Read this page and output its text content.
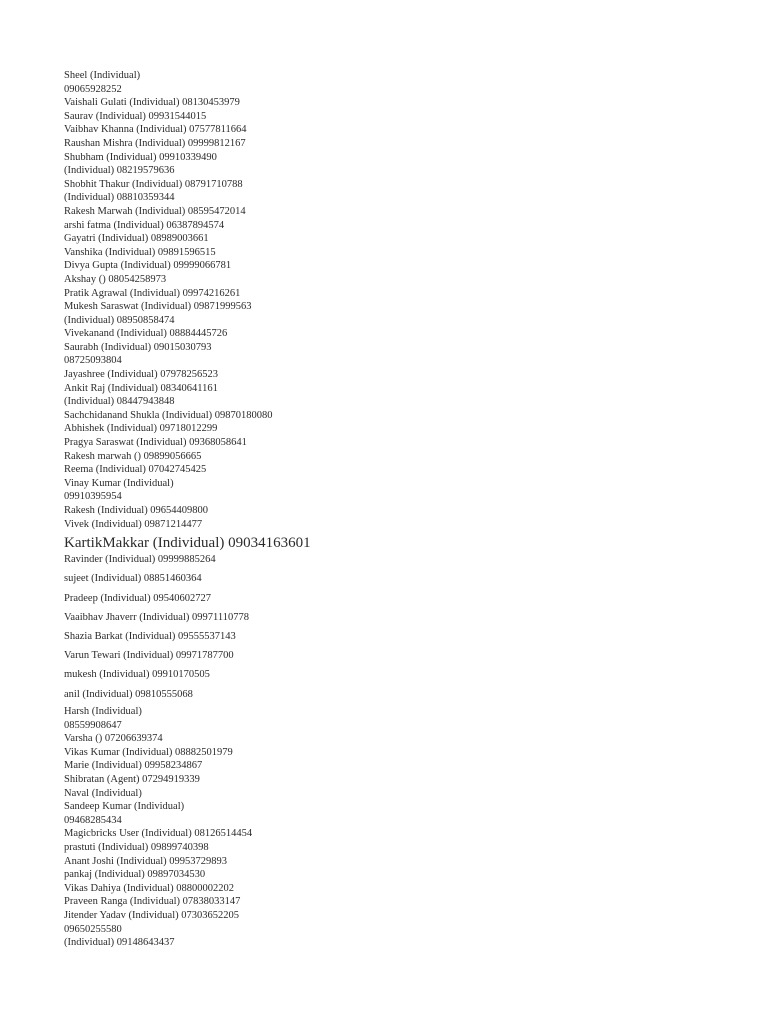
Sheel (Individual)
09065928252
Vaishali Gulati (Individual) 08130453979
Saurav (Individual) 09931544015
Vaibhav Khanna (Individual) 07577811664
Raushan Mishra (Individual) 09999812167
Shubham (Individual) 09910339490
(Individual) 08219579636
Shobhit Thakur (Individual) 08791710788
(Individual) 08810359344
Rakesh Marwah (Individual) 08595472014
arshi fatma (Individual) 06387894574
Gayatri (Individual) 08989003661
Vanshika (Individual) 09891596515
Divya Gupta (Individual) 09999066781
Akshay () 08054258973
Pratik Agrawal (Individual) 09974216261
Mukesh Saraswat (Individual) 09871999563
(Individual) 08950858474
Vivekanand (Individual) 08884445726
Saurabh (Individual) 09015030793
08725093804
Jayashree (Individual) 07978256523
Ankit Raj (Individual) 08340641161
(Individual) 08447943848
Sachchidanand Shukla (Individual) 09870180080
Abhishek (Individual) 09718012299
Pragya Saraswat (Individual) 09368058641
Rakesh marwah () 09899056665
Reema (Individual) 07042745425
Vinay Kumar (Individual)
09910395954
Rakesh (Individual) 09654409800
Vivek (Individual) 09871214477
KartikMakkar (Individual) 09034163601
Ravinder (Individual) 09999885264
sujeet (Individual) 08851460364
Pradeep (Individual) 09540602727
Vaaibhav Jhaverr (Individual) 09971110778
Shazia Barkat (Individual) 09555537143
Varun Tewari (Individual) 09971787700
mukesh (Individual) 09910170505
anil (Individual) 09810555068
Harsh (Individual)
08559908647
Varsha () 07206639374
Vikas Kumar (Individual) 08882501979
Marie (Individual) 09958234867
Shibratan (Agent) 07294919339
Naval (Individual)
Sandeep Kumar (Individual)
09468285434
Magicbricks User (Individual) 08126514454
prastuti (Individual) 09899740398
Anant Joshi (Individual) 09953729893
pankaj (Individual) 09897034530
Vikas Dahiya (Individual) 08800002202
Praveen Ranga (Individual) 07838033147
Jitender Yadav (Individual) 07303652205
09650255580
(Individual) 09148643437
